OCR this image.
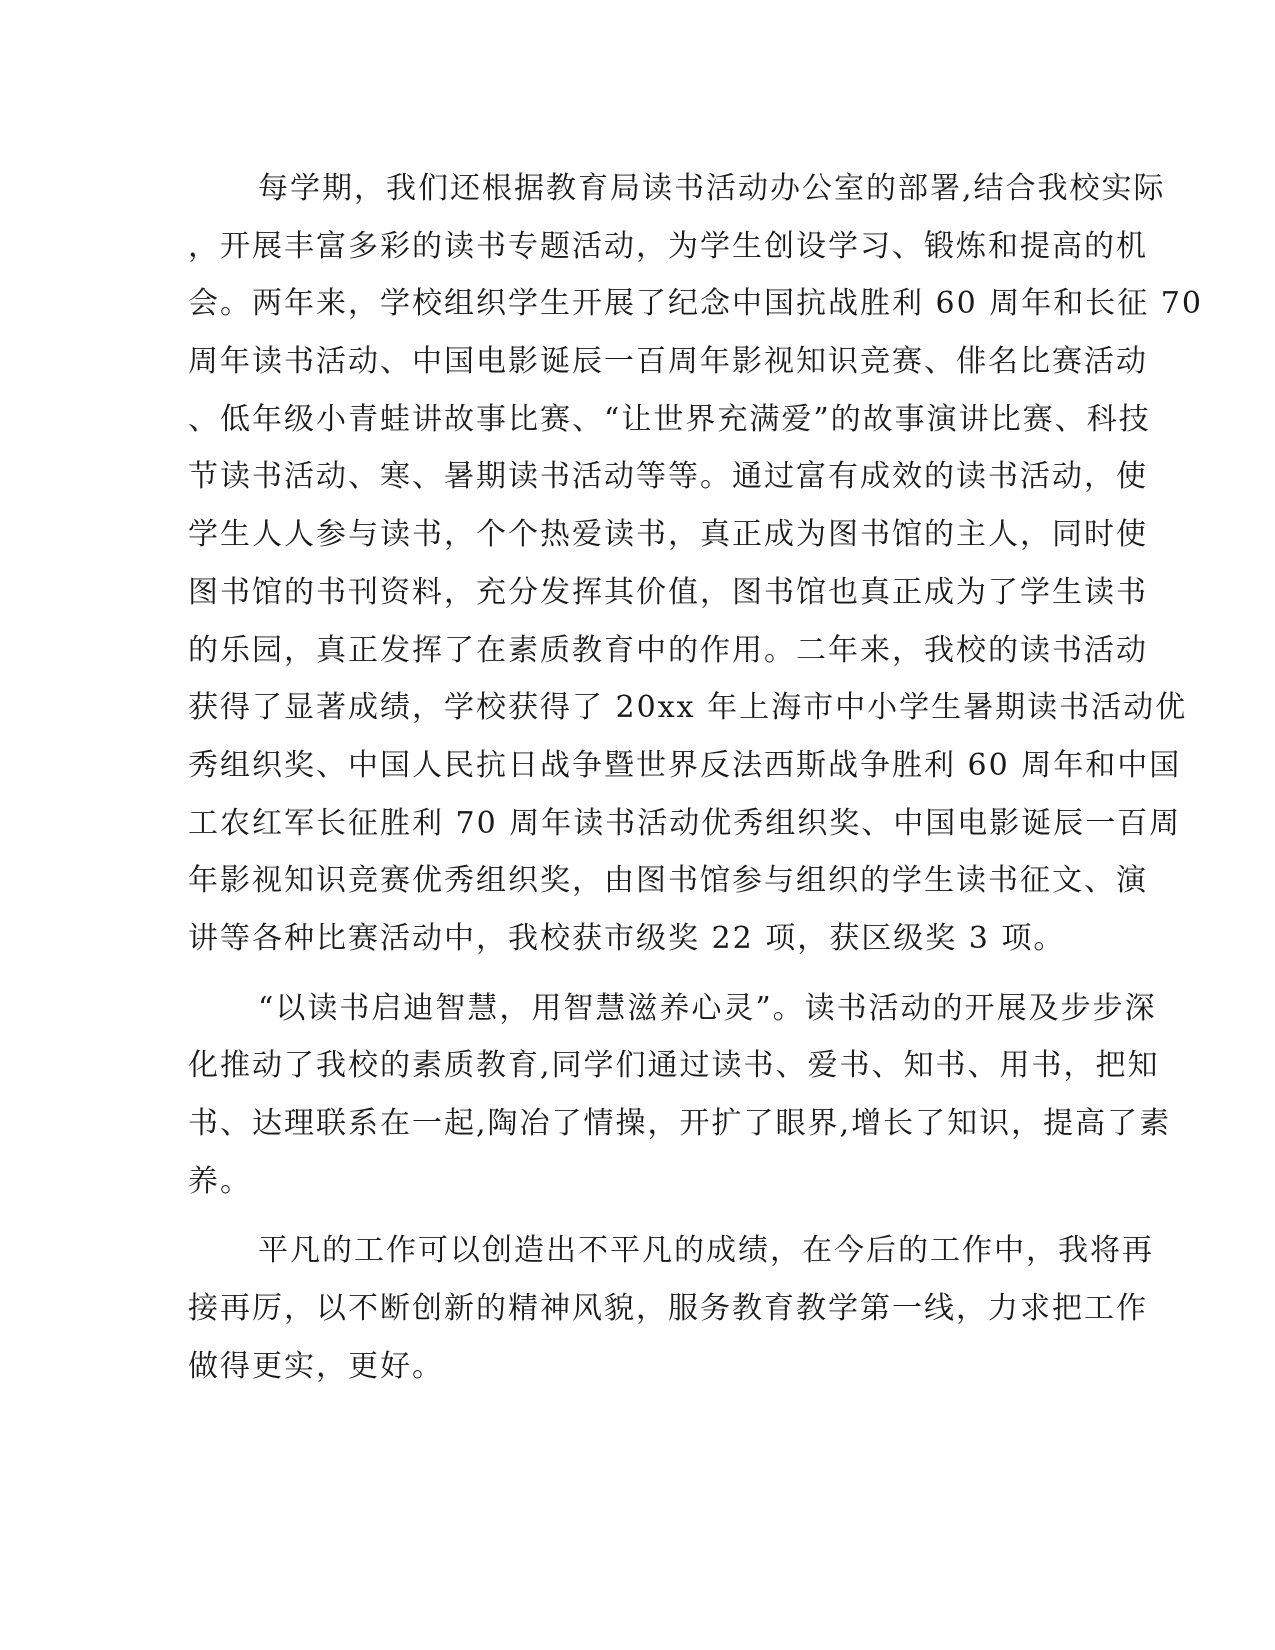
每学期，我们还根据教育局读书活动办公室的部署,结合我校实际
，开展丰富多彩的读书专题活动，为学生创设学习、锻炼和提高的机
会。两年来，学校组织学生开展了纪念中国抗战胜利 60 周年和长征 70
周年读书活动、中国电影诞辰一百周年影视知识竞赛、俳名比赛活动
、低年级小青蛙讲故事比赛、“让世界充满爱”的故事演讲比赛、科技
节读书活动、寒、暑期读书活动等等。通过富有成效的读书活动，使
学生人人参与读书，个个热爱读书，真正成为图书馆的主人，同时使
图书馆的书刊资料，充分发挥其价值，图书馆也真正成为了学生读书
的乐园，真正发挥了在素质教育中的作用。二年来，我校的读书活动
获得了显著成绩，学校获得了 20xx 年上海市中小学生暑期读书活动优
秀组织奖、中国人民抗日战争暨世界反法西斯战争胜利 60 周年和中国
工农红军长征胜利 70 周年读书活动优秀组织奖、中国电影诞辰一百周
年影视知识竞赛优秀组织奖，由图书馆参与组织的学生读书征文、演
讲等各种比赛活动中，我校获市级奖 22 项，获区级奖 3 项。
“以读书启迪智慧，用智慧滋养心灵”。读书活动的开展及步步深
化推动了我校的素质教育,同学们通过读书、爱书、知书、用书，把知
书、达理联系在一起,陶冶了情操，开扩了眼界,增长了知识，提高了素
养。
平凡的工作可以创造出不平凡的成绩，在今后的工作中，我将再
接再厉，以不断创新的精神风貌，服务教育教学第一线，力求把工作
做得更实，更好。
